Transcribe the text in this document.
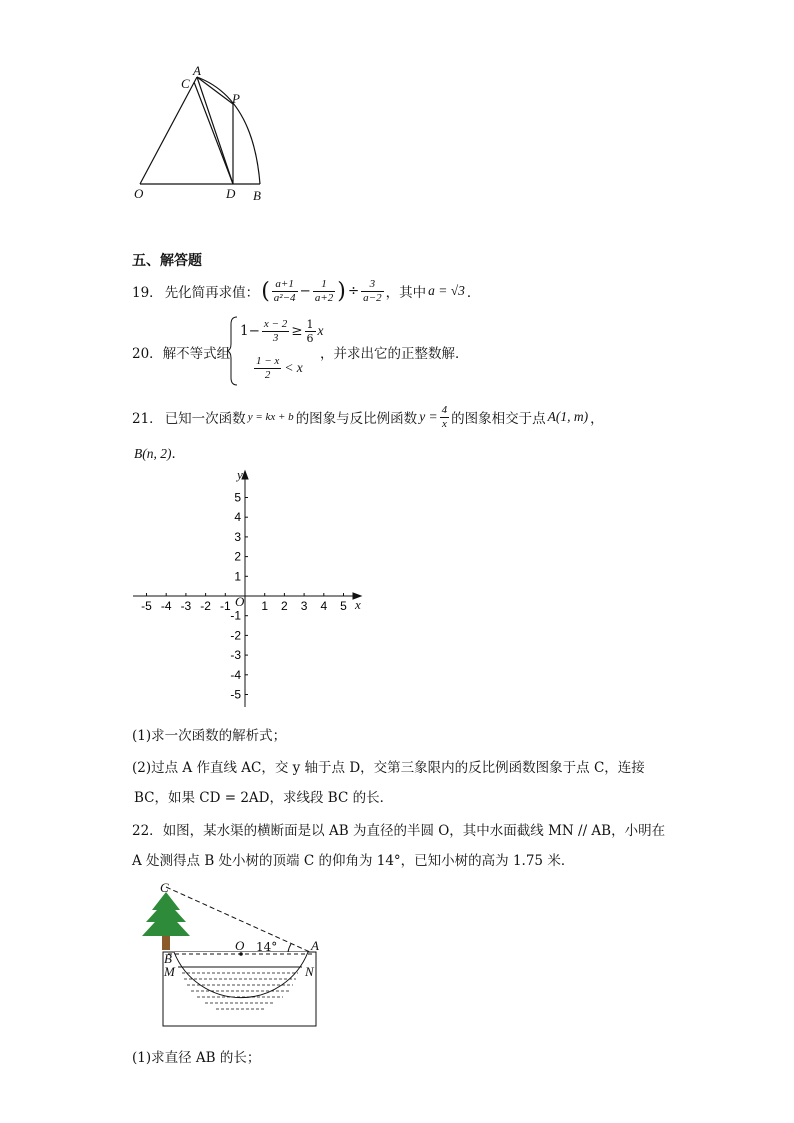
A
C
P
O	D B
五、解答题
19． 先化简再求值： ( $\frac{a+1}{\text{a²−4}} - \frac{1}{a+2}$ ) ÷ $\frac{3}{a-2}$ ，其中 a = √3 ．
20．解不等式组
$1- \frac{x - 2}{3} \ge \frac{1}{6}$ x
$\frac{1 - x}{2} < x$
，并求出它的正整数解．
21． 已知一次函数 y = kx + b 的图象与反比例函数 $y = \frac{4}{x}$ 的图象相交于点 A(1, m) ，
B(n, 2)．
-5 -4 -3 -2 -1	1 2 3 4 5
5
4
3
2
1
-1
-2
-3
-4
-5
x
y
O
(1)求一次函数的解析式；
(2)过点 A 作直线 AC，交 y 轴于点 D，交第三象限内的反比例函数图象于点 C，连接
BC，如果 CD = 2AD，求线段 BC 的长．
22．如图，某水渠的横断面是以 AB 为直径的半圆 O，其中水面截线 MN // AB，小明在
A 处测得点 B 处小树的顶端 C 的仰角为 14°，已知小树的高为 1.75 米．
C
O 14°	A
B
M	N
(1)求直径 AB 的长；
